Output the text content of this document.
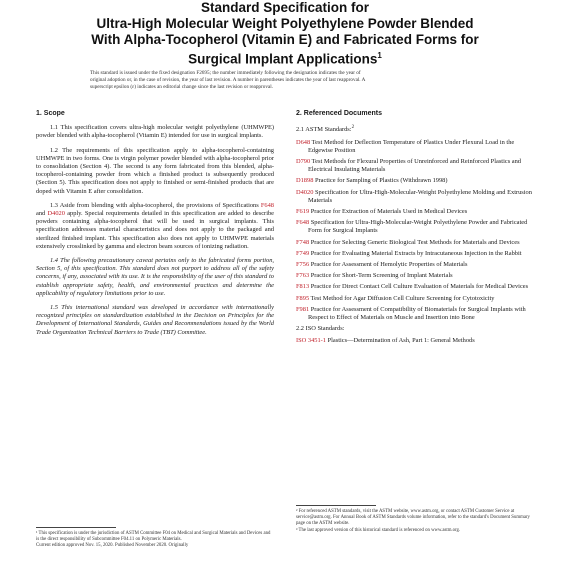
Standard Specification for
Ultra-High Molecular Weight Polyethylene Powder Blended
With Alpha-Tocopherol (Vitamin E) and Fabricated Forms for
Surgical Implant Applications$^1$
This standard is issued under the fixed designation F2695; the number immediately following the designation indicates the year of
original adoption or, in the case of revision, the year of last revision. A number in parentheses indicates the year of last reapproval. A
superscript epsilon (ε) indicates an editorial change since the last revision or reapproval.

1. Scope

1.1 This specification covers ultra-high molecular weight polyethylene (UHMWPE) powder blended with alpha-tocopherol (Vitamin E) intended for use in surgical implants.

1.2 The requirements of this specification apply to alpha-tocopherol-containing UHMWPE in two forms. One is virgin polymer powder blended with alpha-tocopherol prior to consolidation (Section 4). The second is any form fabricated from this blended, alpha-tocopherol-containing powder from which a finished product is subsequently produced (Section 5). This specification does not apply to finished or semi-finished products that are doped with Vitamin E after consolidation.

1.3 Aside from blending with alpha-tocopherol, the provisions of Specifications F648 and D4020 apply. Special requirements detailed in this specification are added to describe powders containing alpha-tocopherol that will be used in surgical implants. This specification addresses material characteristics and does not apply to the packaged and sterilized finished implant. This specification also does not apply to UHMWPE materials extensively crosslinked by gamma and electron beam sources of ionizing radiation.

1.4 The following precautionary caveat pertains only to the fabricated forms portion, Section 5, of this specification. This standard does not purport to address all of the safety concerns, if any, associated with its use. It is the responsibility of the user of this standard to establish appropriate safety, health, and environmental practices and determine the applicability of regulatory limitations prior to use.

1.5 This international standard was developed in accordance with internationally recognized principles on standardization established in the Decision on Principles for the Development of International Standards, Guides and Recommendations issued by the World Trade Organization Technical Barriers to Trade (TBT) Committee.

¹ This specification is under the jurisdiction of ASTM Committee F04 on Medical and Surgical Materials and Devices and is the direct responsibility of Subcommittee F04.11 on Polymeric Materials.
Current edition approved Nov. 15, 2020. Published November 2020. Originally

2. Referenced Documents

2.1 ASTM Standards:$^2$
D648 Test Method for Deflection Temperature of Plastics Under Flexural Load in the Edgewise Position
D790 Test Methods for Flexural Properties of Unreinforced and Reinforced Plastics and Electrical Insulating Materials
D1898 Practice for Sampling of Plastics (Withdrawn 1998)
D4020 Specification for Ultra-High-Molecular-Weight Polyethylene Molding and Extrusion Materials
F619 Practice for Extraction of Materials Used in Medical Devices
F648 Specification for Ultra-High-Molecular-Weight Polyethylene Powder and Fabricated Form for Surgical Implants
F748 Practice for Selecting Generic Biological Test Methods for Materials and Devices
F749 Practice for Evaluating Material Extracts by Intracutaneous Injection in the Rabbit
F756 Practice for Assessment of Hemolytic Properties of Materials
F763 Practice for Short-Term Screening of Implant Materials
F813 Practice for Direct Contact Cell Culture Evaluation of Materials for Medical Devices
F895 Test Method for Agar Diffusion Cell Culture Screening for Cytotoxicity
F981 Practice for Assessment of Compatibility of Biomaterials for Surgical Implants with Respect to Effect of Materials on Muscle and Insertion into Bone
2.2 ISO Standards:
ISO 3451-1 Plastics—Determination of Ash, Part 1: General Methods
² For referenced ASTM standards, visit the ASTM website, www.astm.org, or contact ASTM Customer Service at service@astm.org. For Annual Book of ASTM Standards volume information, refer to the standard's Document Summary page on the ASTM website.
³ The last approved version of this historical standard is referenced on www.astm.org.
